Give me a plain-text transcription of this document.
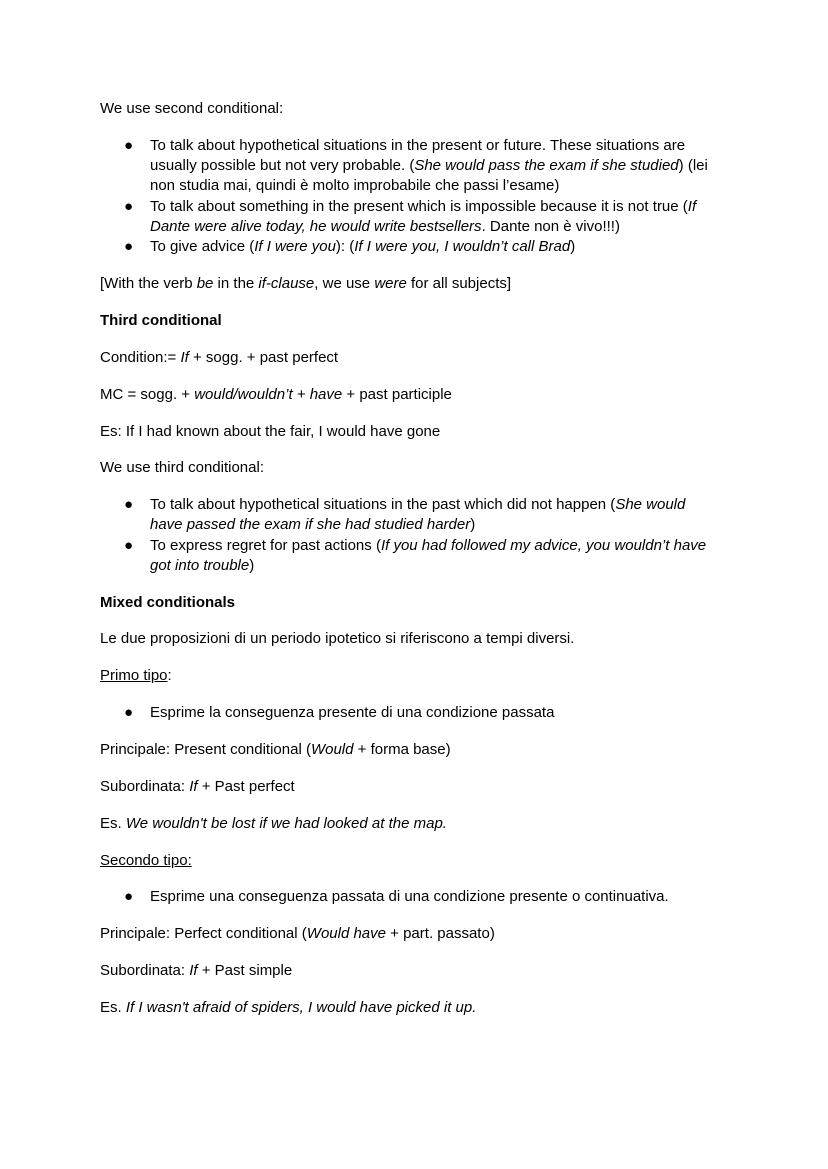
We use second conditional:
● To talk about hypothetical situations in the present or future. These situations are
usually possible but not very probable. (She would pass the exam if she studied) (lei
non studia mai, quindi è molto improbabile che passi l’esame)
● To talk about something in the present which is impossible because it is not true (If
Dante were alive today, he would write bestsellers. Dante non è vivo!!!)
● To give advice (If I were you): (If I were you, I wouldn’t call Brad)
[With the verb be in the if-clause, we use were for all subjects]
Third conditional
Condition:= If + sogg. + past perfect
MC = sogg. + would/wouldn’t + have + past participle
Es: If I had known about the fair, I would have gone
We use third conditional:
● To talk about hypothetical situations in the past which did not happen (She would
have passed the exam if she had studied harder)
● To express regret for past actions (If you had followed my advice, you wouldn’t have
got into trouble)
Mixed conditionals
Le due proposizioni di un periodo ipotetico si riferiscono a tempi diversi.
Primo tipo:
● Esprime la conseguenza presente di una condizione passata
Principale: Present conditional (Would + forma base)
Subordinata: If + Past perfect
Es. We wouldn't be lost if we had looked at the map.
Secondo tipo:
● Esprime una conseguenza passata di una condizione presente o continuativa.
Principale: Perfect conditional (Would have + part. passato)
Subordinata: If + Past simple
Es. If I wasn't afraid of spiders, I would have picked it up.
